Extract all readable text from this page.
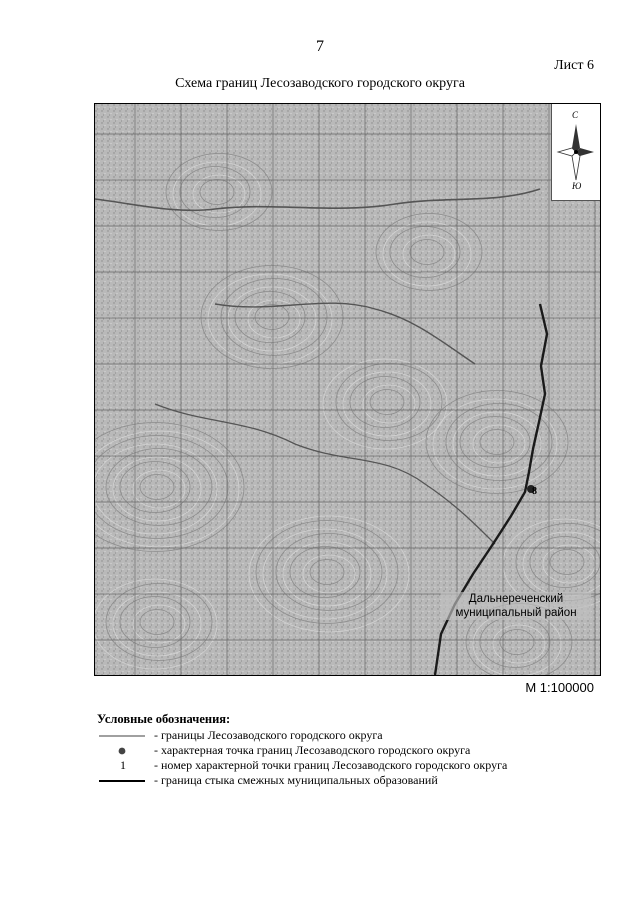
7
Лист 6
Схема границ Лесозаводского городского округа
С
Ю
8
Дальнереченский муниципальный район
М 1:100000
Условные обозначения:
- границы Лесозаводского городского округа
- характерная точка границ Лесозаводского городского округа
1	- номер характерной точки границ Лесозаводского городского округа
- граница стыка смежных муниципальных образований
